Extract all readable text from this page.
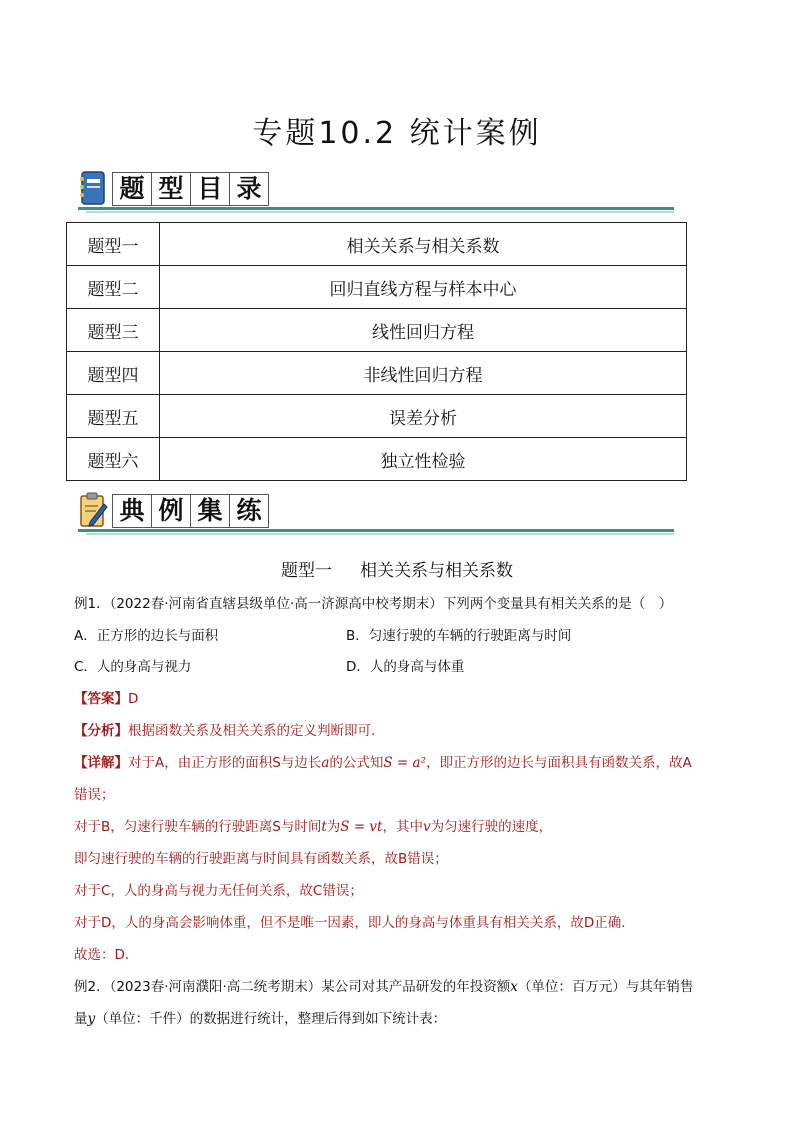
专题10.2 统计案例
题 型 目 录
题型一	相关关系与相关系数
题型二	回归直线方程与样本中心
题型三	线性回归方程
题型四	非线性回归方程
题型五	误差分析
题型六	独立性检验
典 例 集 练
题型一 相关关系与相关系数
例1．（2022春·河南省直辖县级单位·高一济源高中校考期末）下列两个变量具有相关关系的是（　）
A．正方形的边长与面积	B．匀速行驶的车辆的行驶距离与时间
C．人的身高与视力	D．人的身高与体重
【答案】D
【分析】根据函数关系及相关关系的定义判断即可.
【详解】对于A，由正方形的面积S与边长a的公式知S = a²，即正方形的边长与面积具有函数关系，故A
错误；
对于B，匀速行驶车辆的行驶距离S与时间t为S = vt，其中v为匀速行驶的速度，
即匀速行驶的车辆的行驶距离与时间具有函数关系，故B错误；
对于C，人的身高与视力无任何关系，故C错误；
对于D，人的身高会影响体重，但不是唯一因素，即人的身高与体重具有相关关系，故D正确.
故选：D.
例2．（2023春·河南濮阳·高二统考期末）某公司对其产品研发的年投资额x（单位：百万元）与其年销售
量y（单位：千件）的数据进行统计，整理后得到如下统计表：
